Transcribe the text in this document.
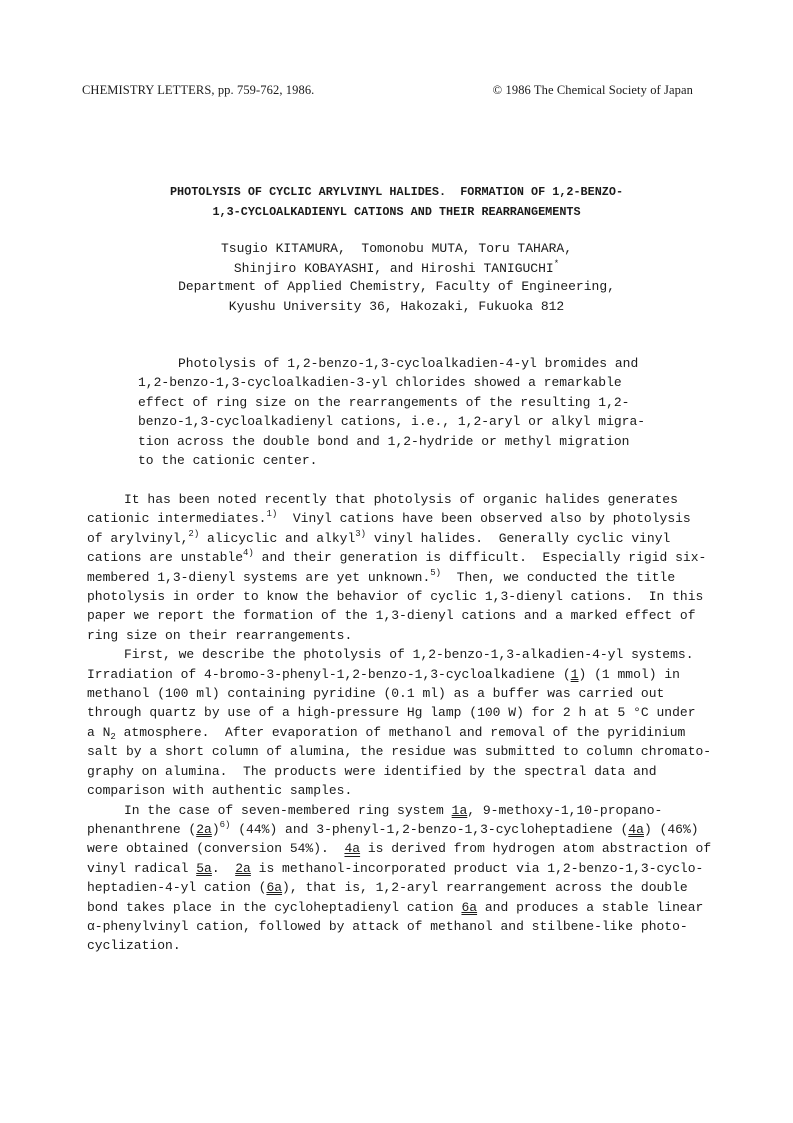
CHEMISTRY LETTERS, pp. 759-762, 1986.	© 1986 The Chemical Society of Japan
PHOTOLYSIS OF CYCLIC ARYLVINYL HALIDES.  FORMATION OF 1,2-BENZO-
1,3-CYCLOALKADIENYL CATIONS AND THEIR REARRANGEMENTS
Tsugio KITAMURA,  Tomonobu MUTA, Toru TAHARA,
Shinjiro KOBAYASHI, and Hiroshi TANIGUCHI*
Department of Applied Chemistry, Faculty of Engineering,
Kyushu University 36, Hakozaki, Fukuoka 812
Photolysis of 1,2-benzo-1,3-cycloalkadien-4-yl bromides and
1,2-benzo-1,3-cycloalkadien-3-yl chlorides showed a remarkable
effect of ring size on the rearrangements of the resulting 1,2-
benzo-1,3-cycloalkadienyl cations, i.e., 1,2-aryl or alkyl migra-
tion across the double bond and 1,2-hydride or methyl migration
to the cationic center.
It has been noted recently that photolysis of organic halides generates
cationic intermediates.$^{1)}$  Vinyl cations have been observed also by photolysis
of arylvinyl,$^{2)}$ alicyclic and alkyl$^{3)}$ vinyl halides.  Generally cyclic vinyl
cations are unstable$^{4)}$ and their generation is difficult.  Especially rigid six-
membered 1,3-dienyl systems are yet unknown.$^{5)}$  Then, we conducted the title
photolysis in order to know the behavior of cyclic 1,3-dienyl cations.  In this
paper we report the formation of the 1,3-dienyl cations and a marked effect of
ring size on their rearrangements.
First, we describe the photolysis of 1,2-benzo-1,3-alkadien-4-yl systems.
Irradiation of 4-bromo-3-phenyl-1,2-benzo-1,3-cycloalkadiene (1) (1 mmol) in
methanol (100 ml) containing pyridine (0.1 ml) as a buffer was carried out
through quartz by use of a high-pressure Hg lamp (100 W) for 2 h at 5 °C under
a $N_2$ atmosphere.  After evaporation of methanol and removal of the pyridinium
salt by a short column of alumina, the residue was submitted to column chromato-
graphy on alumina.  The products were identified by the spectral data and
comparison with authentic samples.
In the case of seven-membered ring system 1a, 9-methoxy-1,10-propano-
phenanthrene $(2a)^{6)}$ (44%) and 3-phenyl-1,2-benzo-1,3-cycloheptadiene (4a) (46%)
were obtained (conversion 54%).  4a is derived from hydrogen atom abstraction of
vinyl radical 5a.  2a is methanol-incorporated product via 1,2-benzo-1,3-cyclo-
heptadien-4-yl cation (6a), that is, 1,2-aryl rearrangement across the double
bond takes place in the cycloheptadienyl cation 6a and produces a stable linear
α-phenylvinyl cation, followed by attack of methanol and stilbene-like photo-
cyclization.
